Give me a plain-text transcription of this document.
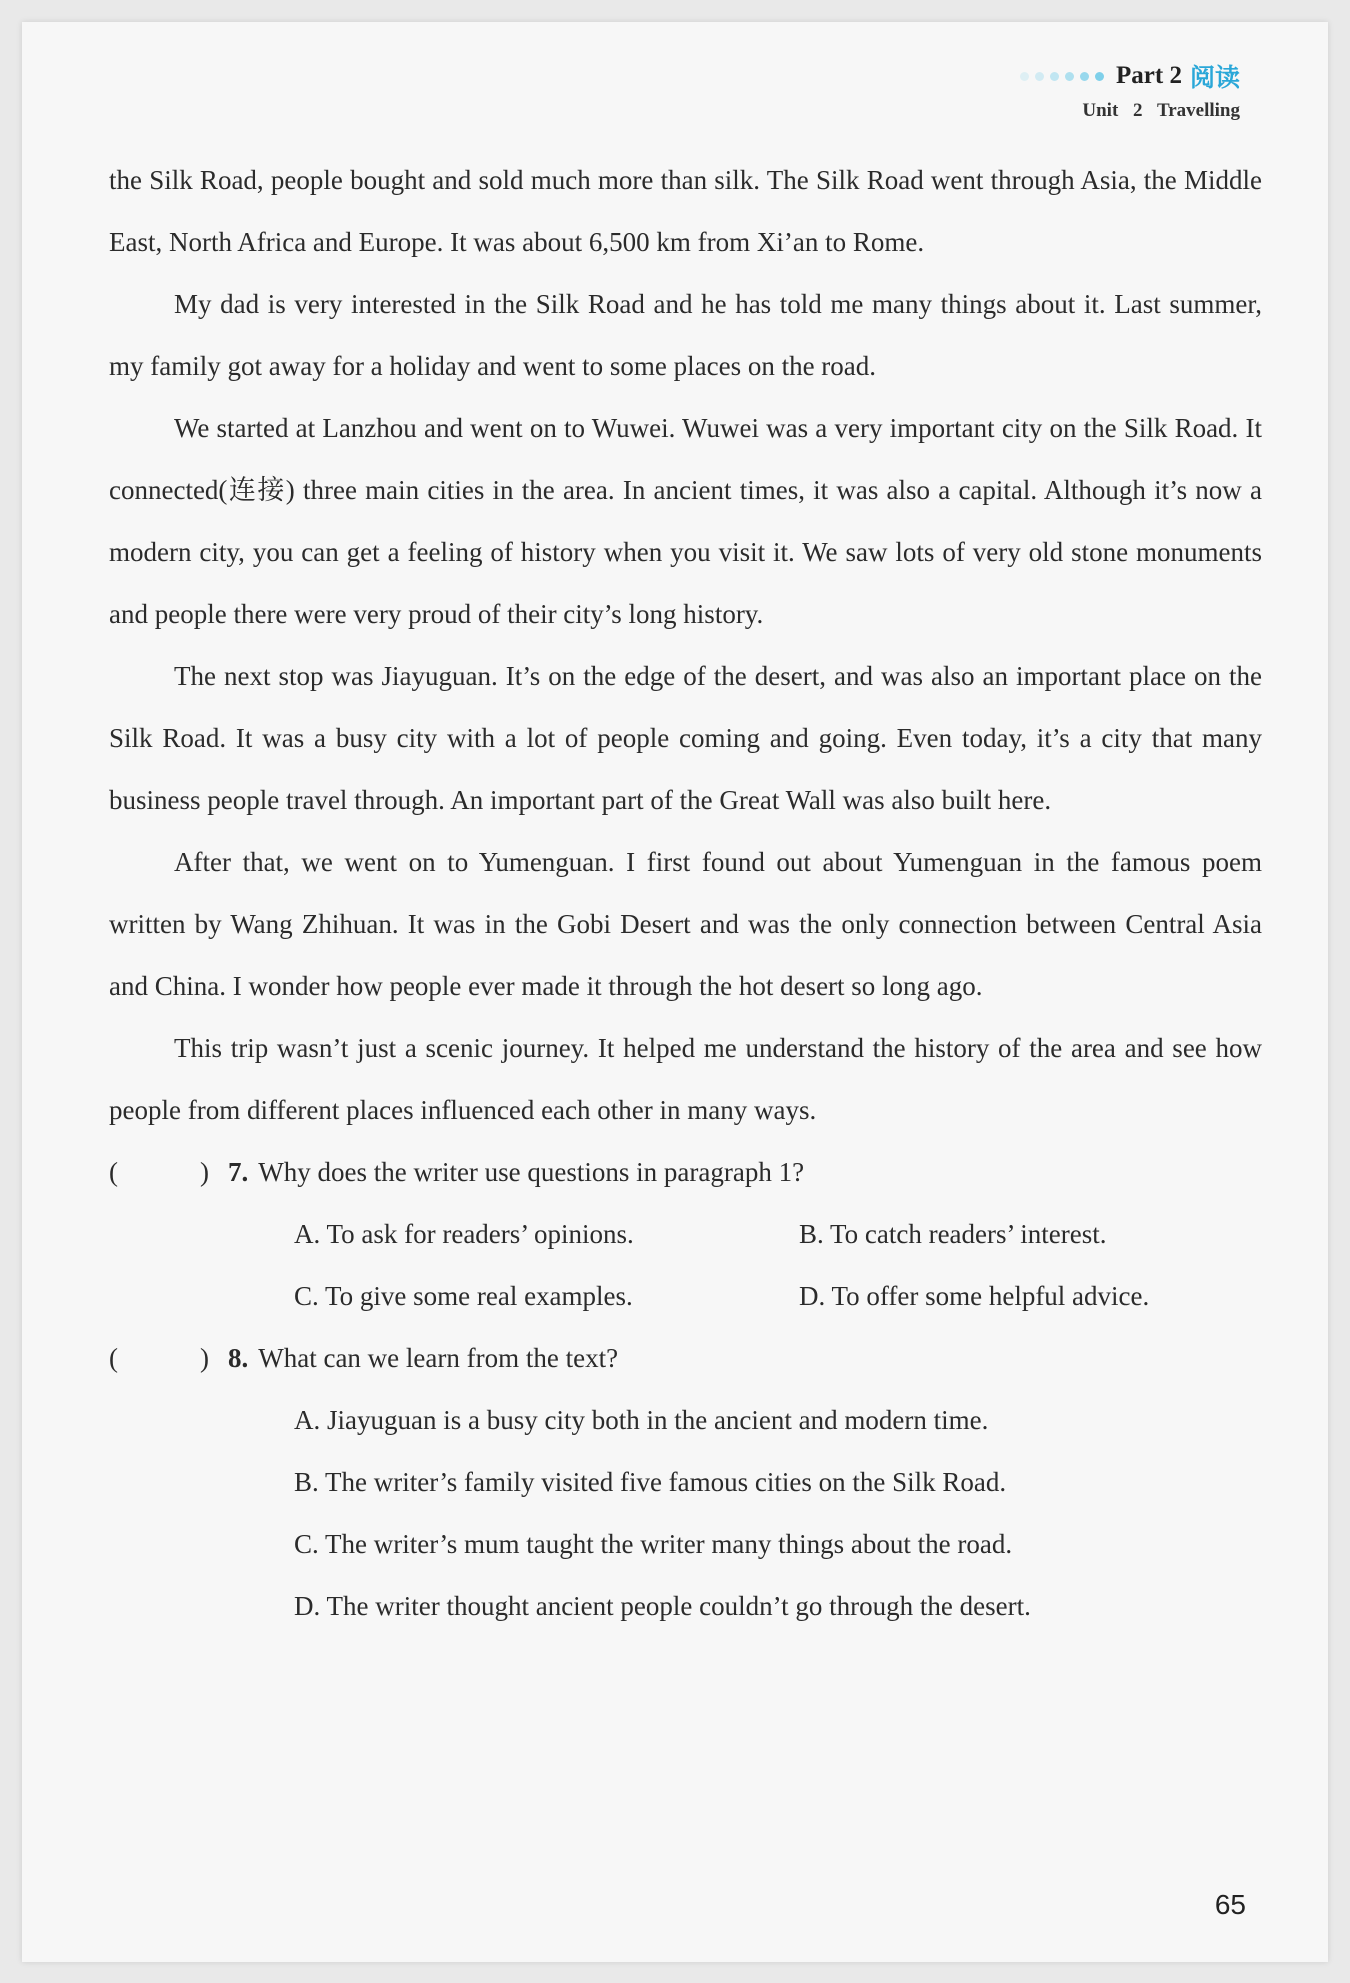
Part 2 阅读
Unit 2 Travelling

the Silk Road, people bought and sold much more than silk. The Silk Road went through Asia, the Middle East, North Africa and Europe. It was about 6,500 km from Xi’an to Rome.

My dad is very interested in the Silk Road and he has told me many things about it. Last summer, my family got away for a holiday and went to some places on the road.

We started at Lanzhou and went on to Wuwei. Wuwei was a very important city on the Silk Road. It connected(连接) three main cities in the area. In ancient times, it was also a capital. Although it’s now a modern city, you can get a feeling of history when you visit it. We saw lots of very old stone monuments and people there were very proud of their city’s long history.

The next stop was Jiayuguan. It’s on the edge of the desert, and was also an important place on the Silk Road. It was a busy city with a lot of people coming and going. Even today, it’s a city that many business people travel through. An important part of the Great Wall was also built here.

After that, we went on to Yumenguan. I first found out about Yumenguan in the famous poem written by Wang Zhihuan. It was in the Gobi Desert and was the only connection between Central Asia and China. I wonder how people ever made it through the hot desert so long ago.

This trip wasn’t just a scenic journey. It helped me understand the history of the area and see how people from different places influenced each other in many ways.

(	) 7. Why does the writer use questions in paragraph 1?
A. To ask for readers’ opinions.	B. To catch readers’ interest.
C. To give some real examples.	D. To offer some helpful advice.
(	) 8. What can we learn from the text?
A. Jiayuguan is a busy city both in the ancient and modern time.
B. The writer’s family visited five famous cities on the Silk Road.
C. The writer’s mum taught the writer many things about the road.
D. The writer thought ancient people couldn’t go through the desert.
65
